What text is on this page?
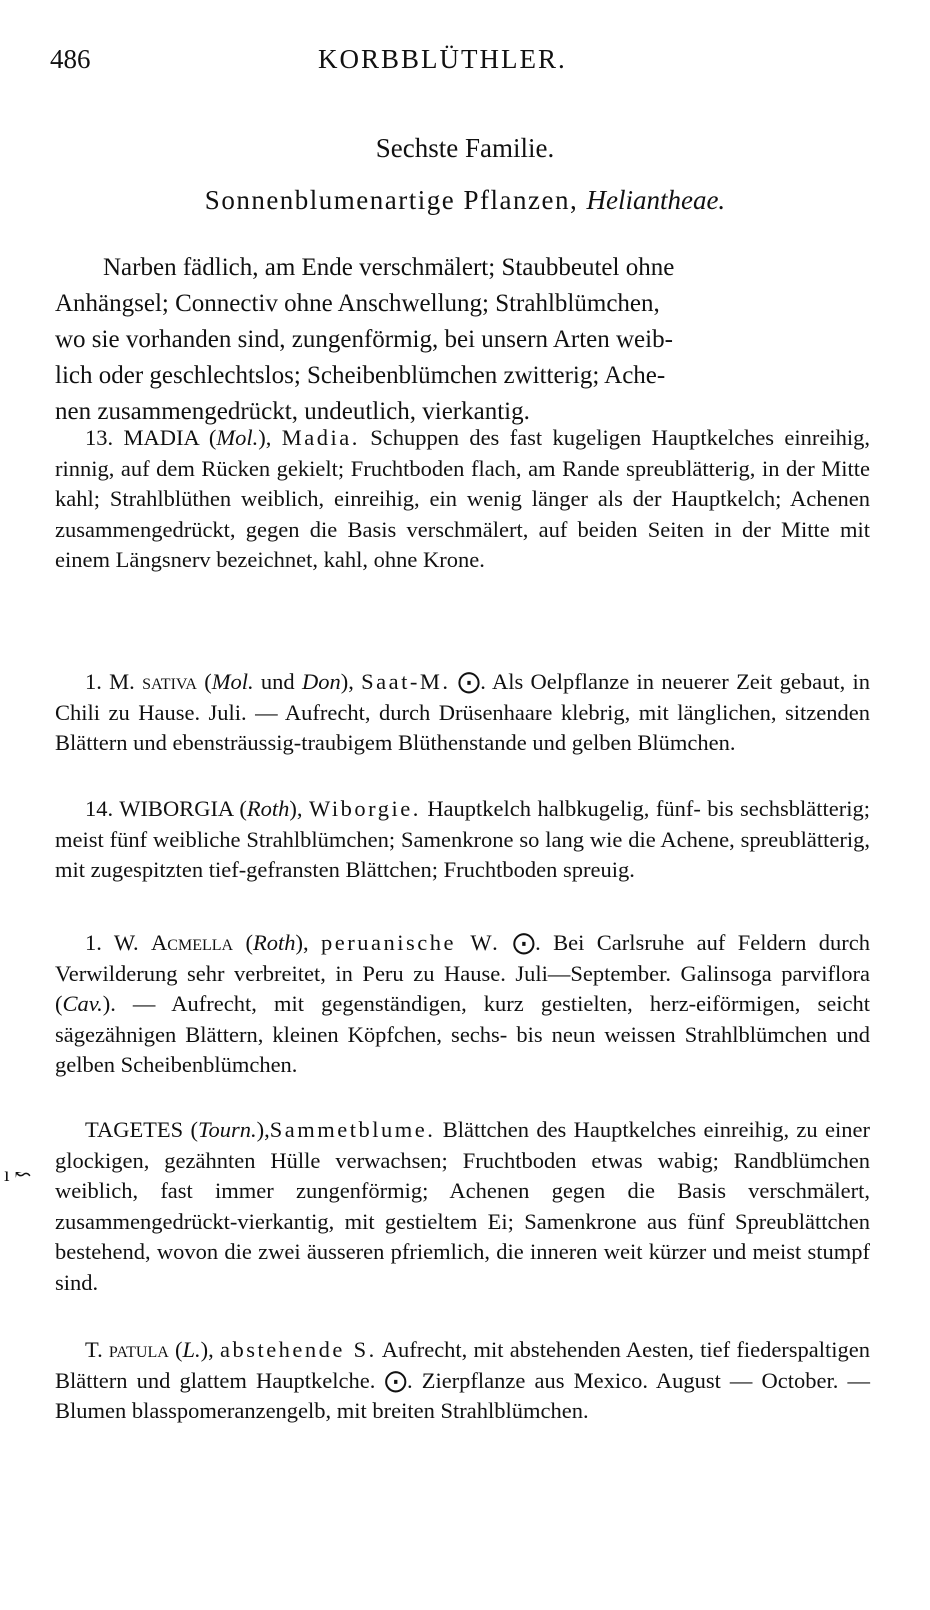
486	KORBBLÜTHLER.
Sechste Familie.
Sonnenblumenartige Pflanzen, Heliantheae.
Narben fädlich, am Ende verschmälert; Staubbeutel ohne
Anhängsel; Connectiv ohne Anschwellung; Strahlblümchen,
wo sie vorhanden sind, zungenförmig, bei unsern Arten weib-
lich oder geschlechtslos; Scheibenblümchen zwitterig; Ache-
nen zusammengedrückt, undeutlich, vierkantig.

13. MADIA (Mol.), Madia. Schuppen des fast kugeligen Hauptkelches einreihig, rinnig, auf dem Rücken gekielt; Fruchtboden flach, am Rande spreublätterig, in der Mitte kahl; Strahlblüthen weiblich, einreihig, ein wenig länger als der Hauptkelch; Achenen zusammengedrückt, gegen die Basis verschmälert, auf beiden Seiten in der Mitte mit einem Längsnerv bezeichnet, kahl, ohne Krone.

1. M. sativa (Mol. und Don), Saat-M. ⨀. Als Oelpflanze in neuerer Zeit gebaut, in Chili zu Hause. Juli. — Aufrecht, durch Drüsenhaare klebrig, mit länglichen, sitzenden Blättern und ebensträussig-traubigem Blüthenstande und gelben Blümchen.

14. WIBORGIA (Roth), Wiborgie. Hauptkelch halbkugelig, fünf- bis sechsblätterig; meist fünf weibliche Strahlblümchen; Samenkrone so lang wie die Achene, spreublätterig, mit zugespitzten tief-gefransten Blättchen; Fruchtboden spreuig.

1. W. Acmella (Roth), peruanische W. ⨀. Bei Carlsruhe auf Feldern durch Verwilderung sehr verbreitet, in Peru zu Hause. Juli—September. Galinsoga parviflora (Cav.). — Aufrecht, mit gegenständigen, kurz gestielten, herz-eiförmigen, seicht sägezähnigen Blättern, kleinen Köpfchen, sechs- bis neun weissen Strahlblümchen und gelben Scheibenblümchen.

TAGETES (Tourn.),Sammetblume. Blättchen des Hauptkelches einreihig, zu einer glockigen, gezähnten Hülle verwachsen; Fruchtboden etwas wabig; Randblümchen weiblich, fast immer zungenförmig; Achenen gegen die Basis verschmälert, zusammengedrückt-vierkantig, mit gestieltem Ei; Samenkrone aus fünf Spreublättchen bestehend, wovon die zwei äusseren pfriemlich, die inneren weit kürzer und meist stumpf sind.

T. patula (L.), abstehende S. Aufrecht, mit abstehenden Aesten, tief fiederspaltigen Blättern und glattem Hauptkelche. ⨀. Zierpflanze aus Mexico. August — October. — Blumen blasspomeranzengelb, mit breiten Strahlblümchen.

ı ↜
